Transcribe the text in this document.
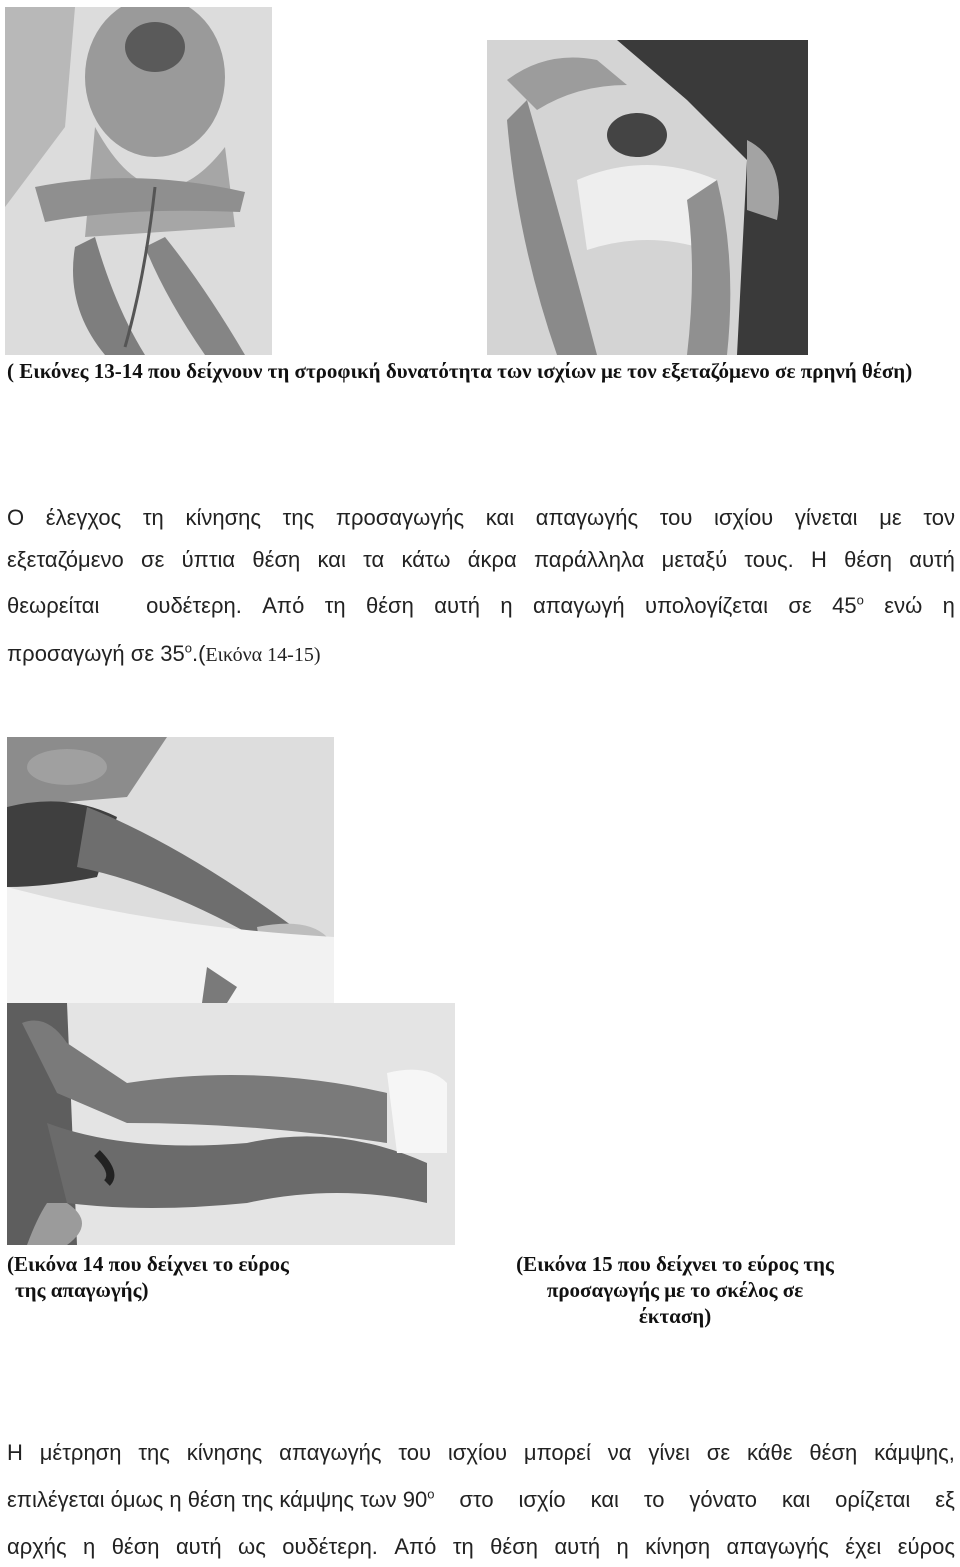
( Εικόνες 13-14 που δείχνουν τη στροφική δυνατότητα των ισχίων με τον εξεταζόμενο σε πρηνή θέση)
Ο έλεγχος τη κίνησης της προσαγωγής και απαγωγής του ισχίου γίνεται με τον
εξεταζόμενο σε ύπτια θέση και τα κάτω άκρα παράλληλα μεταξύ τους. Η θέση αυτή
θεωρείται ουδέτερη. Από τη θέση αυτή η απαγωγή υπολογίζεται σε $45^o$ ενώ η
προσαγωγή σε $35^o.(E\iota\kappa ό\nu\alpha$ 14-15)
(Εικόνα 14 που δείχνει το εύρος
της απαγωγής)
(Εικόνα 15 που δείχνει το εύρος της
προσαγωγής με το σκέλος σε
έκταση)
Η μέτρηση της κίνησης απαγωγής του ισχίου μπορεί να γίνει σε κάθε θέση κάμψης,
επιλέγεται όμως η θέση της κάμψης των $90^o$ στο ισχίο και το γόνατο και ορίζεται εξ
αρχής η θέση αυτή ως ουδέτερη. Από τη θέση αυτή η κίνηση απαγωγής έχει εύρος
